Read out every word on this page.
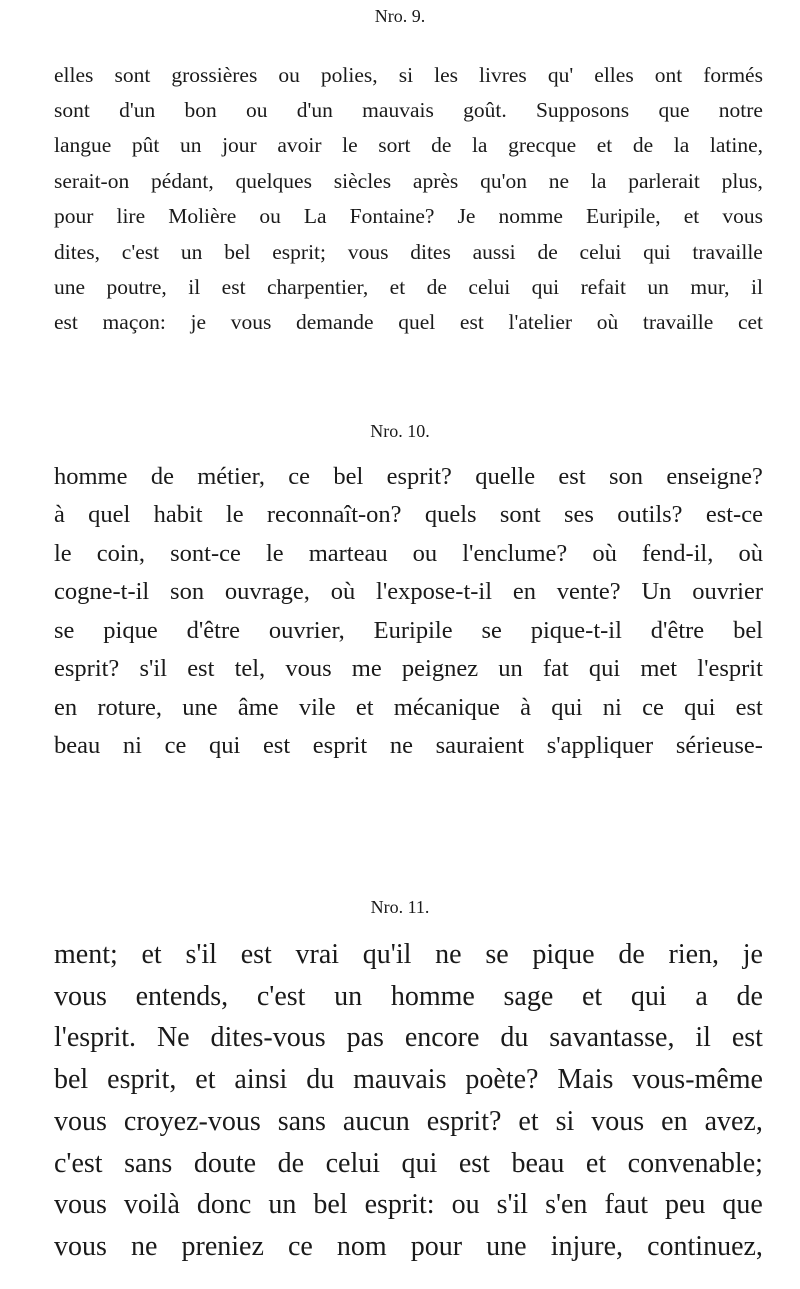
Nro. 9.
elles sont grossières ou polies, si les livres qu' elles ont formés
sont d'un bon ou d'un mauvais goût. Supposons que notre
langue pût un jour avoir le sort de la grecque et de la latine,
serait-on pédant, quelques siècles après qu'on ne la parlerait plus,
pour lire Molière ou La Fontaine? Je nomme Euripile, et vous
dites, c'est un bel esprit; vous dites aussi de celui qui travaille
une poutre, il est charpentier, et de celui qui refait un mur, il
est maçon: je vous demande quel est l'atelier où travaille cet
Nro. 10.
homme de métier, ce bel esprit? quelle est son enseigne?
à quel habit le reconnaît-on? quels sont ses outils? est-ce
le coin, sont-ce le marteau ou l'enclume? où fend-il, où
cogne-t-il son ouvrage, où l'expose-t-il en vente? Un ouvrier
se pique d'être ouvrier, Euripile se pique-t-il d'être bel
esprit? s'il est tel, vous me peignez un fat qui met l'esprit
en roture, une âme vile et mécanique à qui ni ce qui est
beau ni ce qui est esprit ne sauraient s'appliquer sérieuse-
Nro. 11.
ment; et s'il est vrai qu'il ne se pique de rien, je
vous entends, c'est un homme sage et qui a de
l'esprit. Ne dites-vous pas encore du savantasse, il est
bel esprit, et ainsi du mauvais poète? Mais vous-même
vous croyez-vous sans aucun esprit? et si vous en avez,
c'est sans doute de celui qui est beau et convenable;
vous voilà donc un bel esprit: ou s'il s'en faut peu que
vous ne preniez ce nom pour une injure, continuez,
